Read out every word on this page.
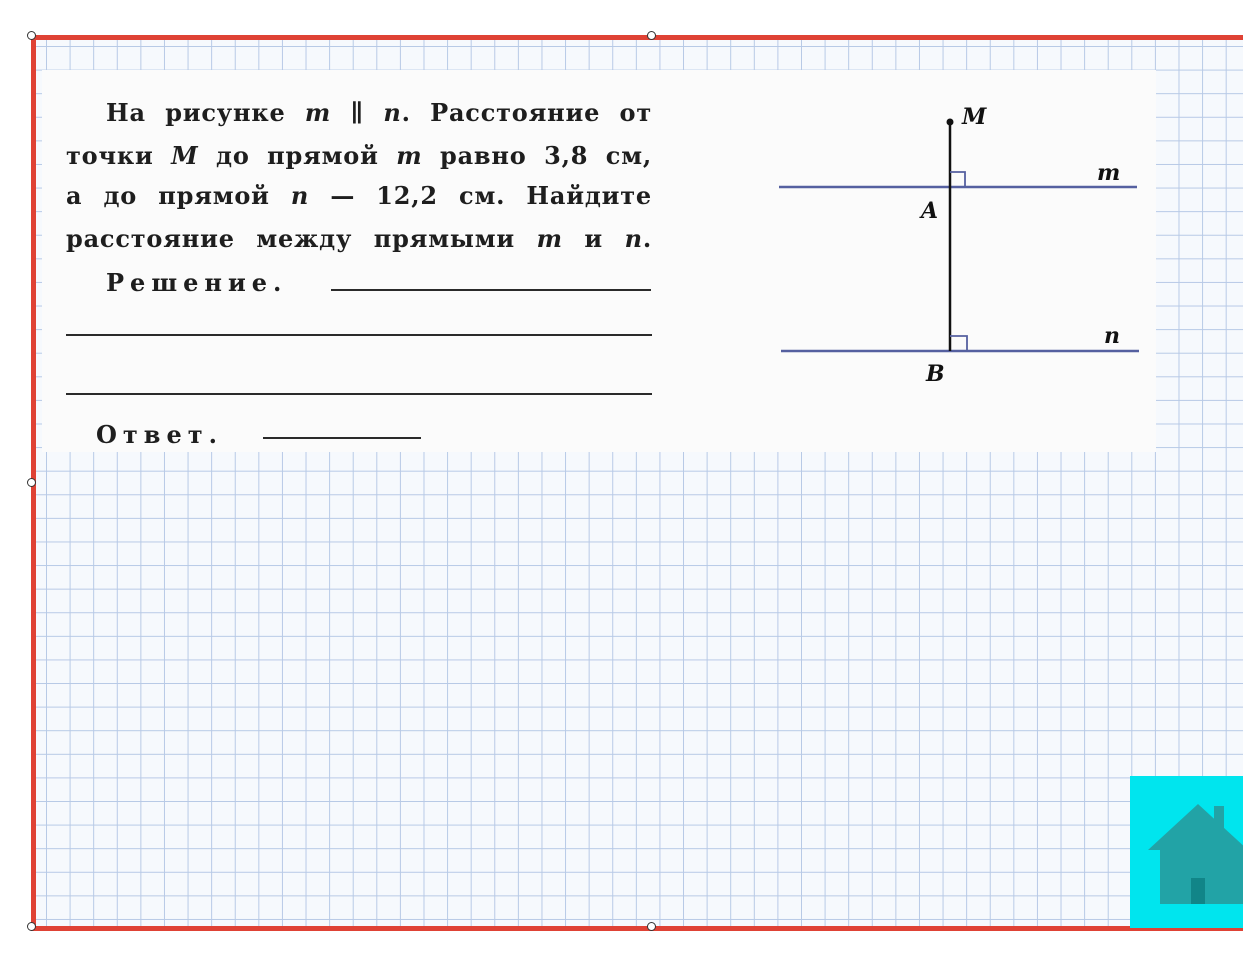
На рисунке m ∥ n. Расстояние от
точки M до прямой m равно 3,8 см,
а до прямой n — 12,2 см. Найдите
расстояние между прямыми m и n.
Решение.
Ответ.
M
A
B
m
n
